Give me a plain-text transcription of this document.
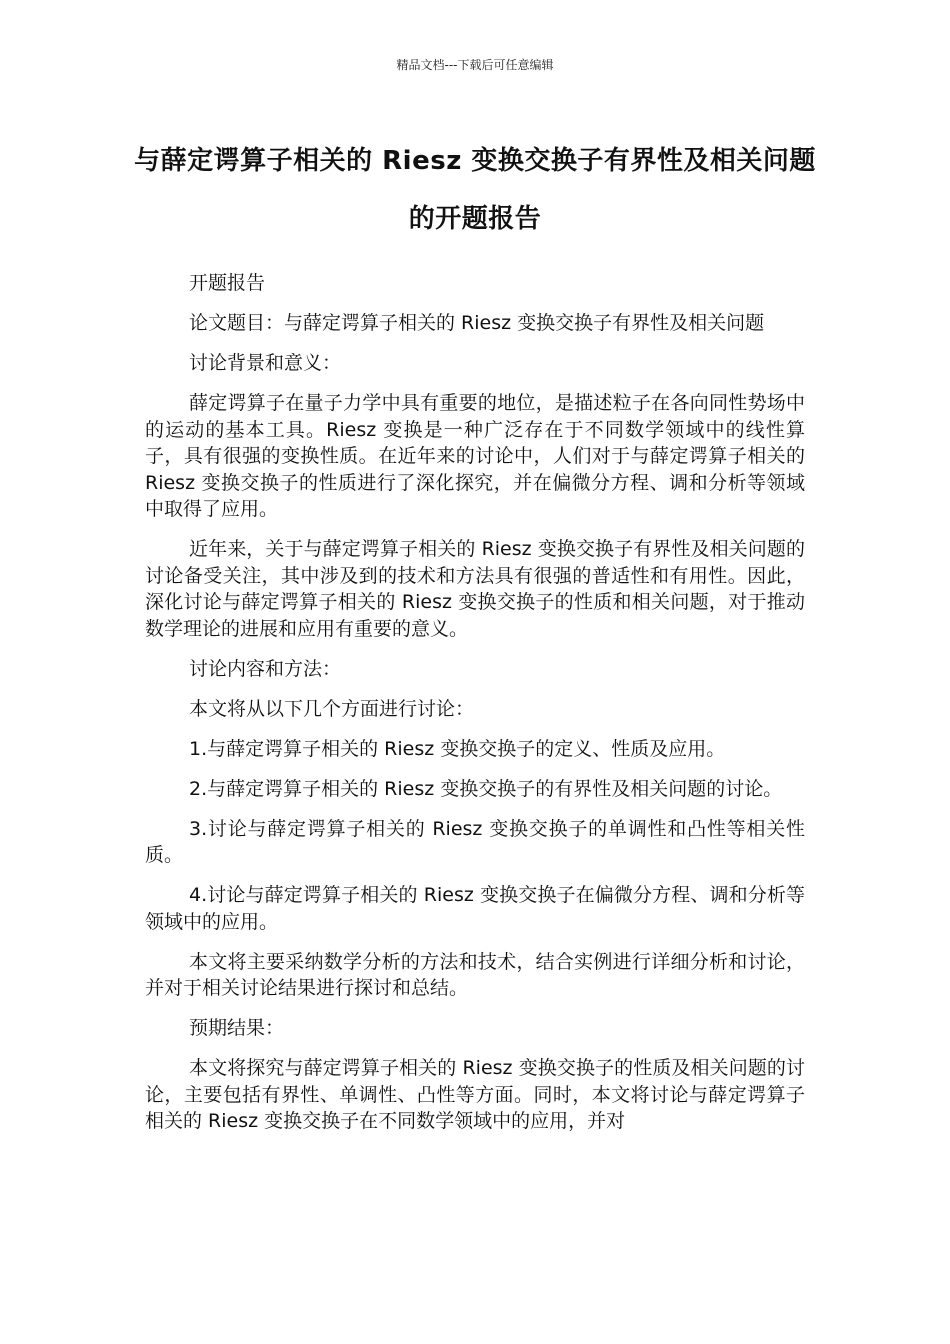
精品文档---下载后可任意编辑
与薛定谔算子相关的 Riesz 变换交换子有界性及相关问题的开题报告

开题报告

论文题目：与薛定谔算子相关的 Riesz 变换交换子有界性及相关问题

讨论背景和意义：

薛定谔算子在量子力学中具有重要的地位，是描述粒子在各向同性势场中的运动的基本工具。Riesz 变换是一种广泛存在于不同数学领域中的线性算子，具有很强的变换性质。在近年来的讨论中，人们对于与薛定谔算子相关的 Riesz 变换交换子的性质进行了深化探究，并在偏微分方程、调和分析等领域中取得了应用。

近年来，关于与薛定谔算子相关的 Riesz 变换交换子有界性及相关问题的讨论备受关注，其中涉及到的技术和方法具有很强的普适性和有用性。因此，深化讨论与薛定谔算子相关的 Riesz 变换交换子的性质和相关问题，对于推动数学理论的进展和应用有重要的意义。

讨论内容和方法：

本文将从以下几个方面进行讨论：

1.与薛定谔算子相关的 Riesz 变换交换子的定义、性质及应用。

2.与薛定谔算子相关的 Riesz 变换交换子的有界性及相关问题的讨论。

3.讨论与薛定谔算子相关的 Riesz 变换交换子的单调性和凸性等相关性质。

4.讨论与薛定谔算子相关的 Riesz 变换交换子在偏微分方程、调和分析等领域中的应用。

本文将主要采纳数学分析的方法和技术，结合实例进行详细分析和讨论，并对于相关讨论结果进行探讨和总结。

预期结果：

本文将探究与薛定谔算子相关的 Riesz 变换交换子的性质及相关问题的讨论，主要包括有界性、单调性、凸性等方面。同时，本文将讨论与薛定谔算子相关的 Riesz 变换交换子在不同数学领域中的应用，并对
